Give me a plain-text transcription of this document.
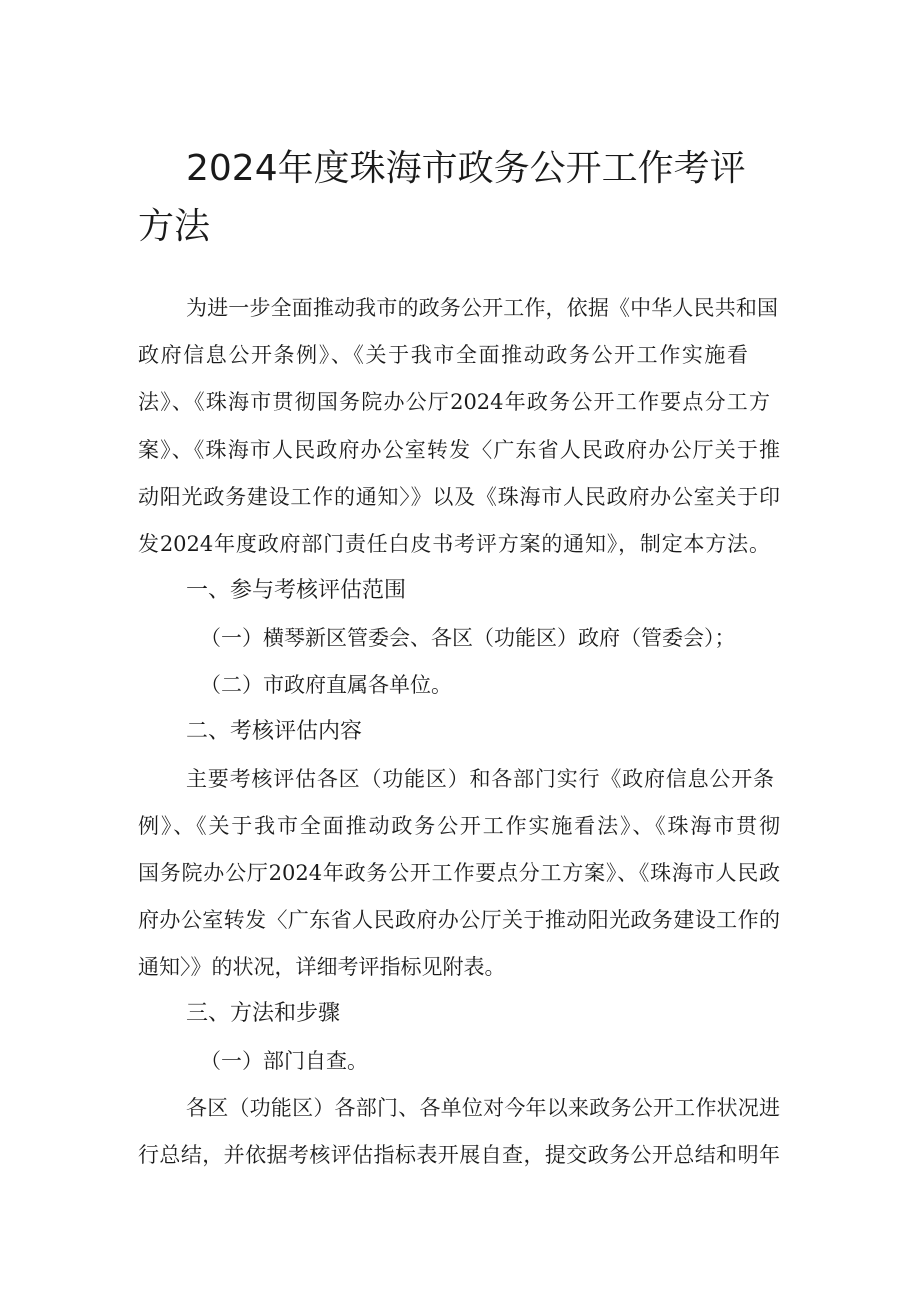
2024年度珠海市政务公开工作考评方法
为进一步全面推动我市的政务公开工作，依据《中华人民共和国
政府信息公开条例》、《关于我市全面推动政务公开工作实施看
法》、《珠海市贯彻国务院办公厅2024年政务公开工作要点分工方
案》、《珠海市人民政府办公室转发〈广东省人民政府办公厅关于推
动阳光政务建设工作的通知〉》以及《珠海市人民政府办公室关于印
发2024年度政府部门责任白皮书考评方案的通知》，制定本方法。
一、参与考核评估范围
（一）横琴新区管委会、各区（功能区）政府（管委会）；
（二）市政府直属各单位。
二、考核评估内容
主要考核评估各区（功能区）和各部门实行《政府信息公开条
例》、《关于我市全面推动政务公开工作实施看法》、《珠海市贯彻
国务院办公厅2024年政务公开工作要点分工方案》、《珠海市人民政
府办公室转发〈广东省人民政府办公厅关于推动阳光政务建设工作的
通知〉》的状况，详细考评指标见附表。
三、方法和步骤
（一）部门自查。
各区（功能区）各部门、各单位对今年以来政务公开工作状况进
行总结，并依据考核评估指标表开展自查，提交政务公开总结和明年
